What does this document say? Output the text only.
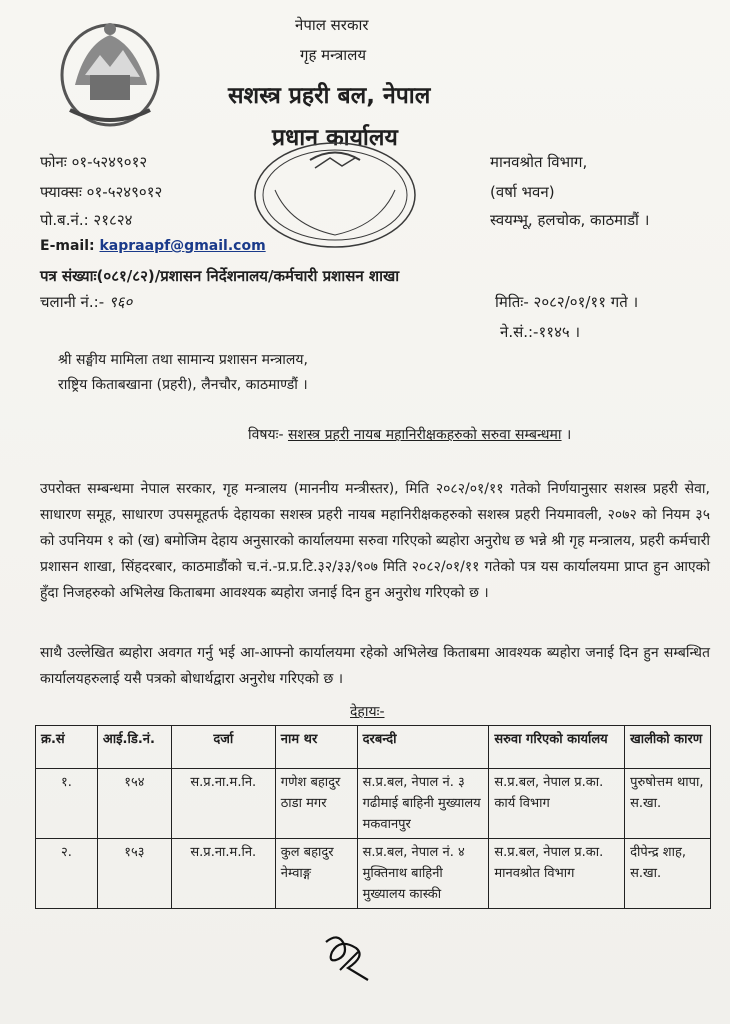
नेपाल सरकार
गृह मन्त्रालय
सशस्त्र प्रहरी बल, नेपाल
प्रधान कार्यालय
फोनः ०१-५२४९०१२
फ्याक्सः ०१-५२४९०१२
पो.ब.नं.: २१८२४
E-mail: kapraapf@gmail.com
मानवश्रोत विभाग,
(वर्षा भवन)
स्वयम्भू, हलचोक, काठमाडौं ।
पत्र संख्याः(०८१/८२)/प्रशासन निर्देशनालय/कर्मचारी प्रशासन शाखा
चलानी नं.:- ९६०	मितिः- २०८२/०१/११ गते ।
ने.सं.:-११४५ ।
श्री सङ्घीय मामिला तथा सामान्य प्रशासन मन्त्रालय,
राष्ट्रिय किताबखाना (प्रहरी), लैनचौर, काठमाण्डौं ।
विषयः- सशस्त्र प्रहरी नायब महानिरीक्षकहरुको सरुवा सम्बन्धमा ।
उपरोक्त सम्बन्धमा नेपाल सरकार, गृह मन्त्रालय (माननीय मन्त्रीस्तर), मिति २०८२/०१/११ गतेको निर्णयानुसार सशस्त्र प्रहरी सेवा, साधारण समूह, साधारण उपसमूहतर्फ देहायका सशस्त्र प्रहरी नायब महानिरीक्षकहरुको सशस्त्र प्रहरी नियमावली, २०७२ को नियम ३५ को उपनियम १ को (ख) बमोजिम देहाय अनुसारको कार्यालयमा सरुवा गरिएको ब्यहोरा अनुरोध छ भन्ने श्री गृह मन्त्रालय, प्रहरी कर्मचारी प्रशासन शाखा, सिंहदरबार, काठमाडौंको च.नं.-प्र.प्र.टि.३२/३३/९०७ मिति २०८२/०१/११ गतेको पत्र यस कार्यालयमा प्राप्त हुन आएको हुँदा निजहरुको अभिलेख किताबमा आवश्यक ब्यहोरा जनाई दिन हुन अनुरोध गरिएको छ ।
साथै उल्लेखित ब्यहोरा अवगत गर्नु भई आ-आफ्नो कार्यालयमा रहेको अभिलेख किताबमा आवश्यक ब्यहोरा जनाई दिन हुन सम्बन्धित कार्यालयहरुलाई यसै पत्रको बोधार्थद्वारा अनुरोध गरिएको छ ।
देहायः-
क्र.सं	आई.डि.नं.	दर्जा	नाम थर	दरबन्दी	सरुवा गरिएको कार्यालय	खालीको कारण
१.	१५४	स.प्र.ना.म.नि.	गणेश बहादुर ठाडा मगर	स.प्र.बल, नेपाल नं. ३ गढीमाई बाहिनी मुख्यालय मकवानपुर	स.प्र.बल, नेपाल प्र.का. कार्य विभाग	पुरुषोत्तम थापा, स.खा.
२.	१५३	स.प्र.ना.म.नि.	कुल बहादुर नेम्वाङ्ग	स.प्र.बल, नेपाल नं. ४ मुक्तिनाथ बाहिनी मुख्यालय कास्की	स.प्र.बल, नेपाल प्र.का. मानवश्रोत विभाग	दीपेन्द्र शाह, स.खा.
